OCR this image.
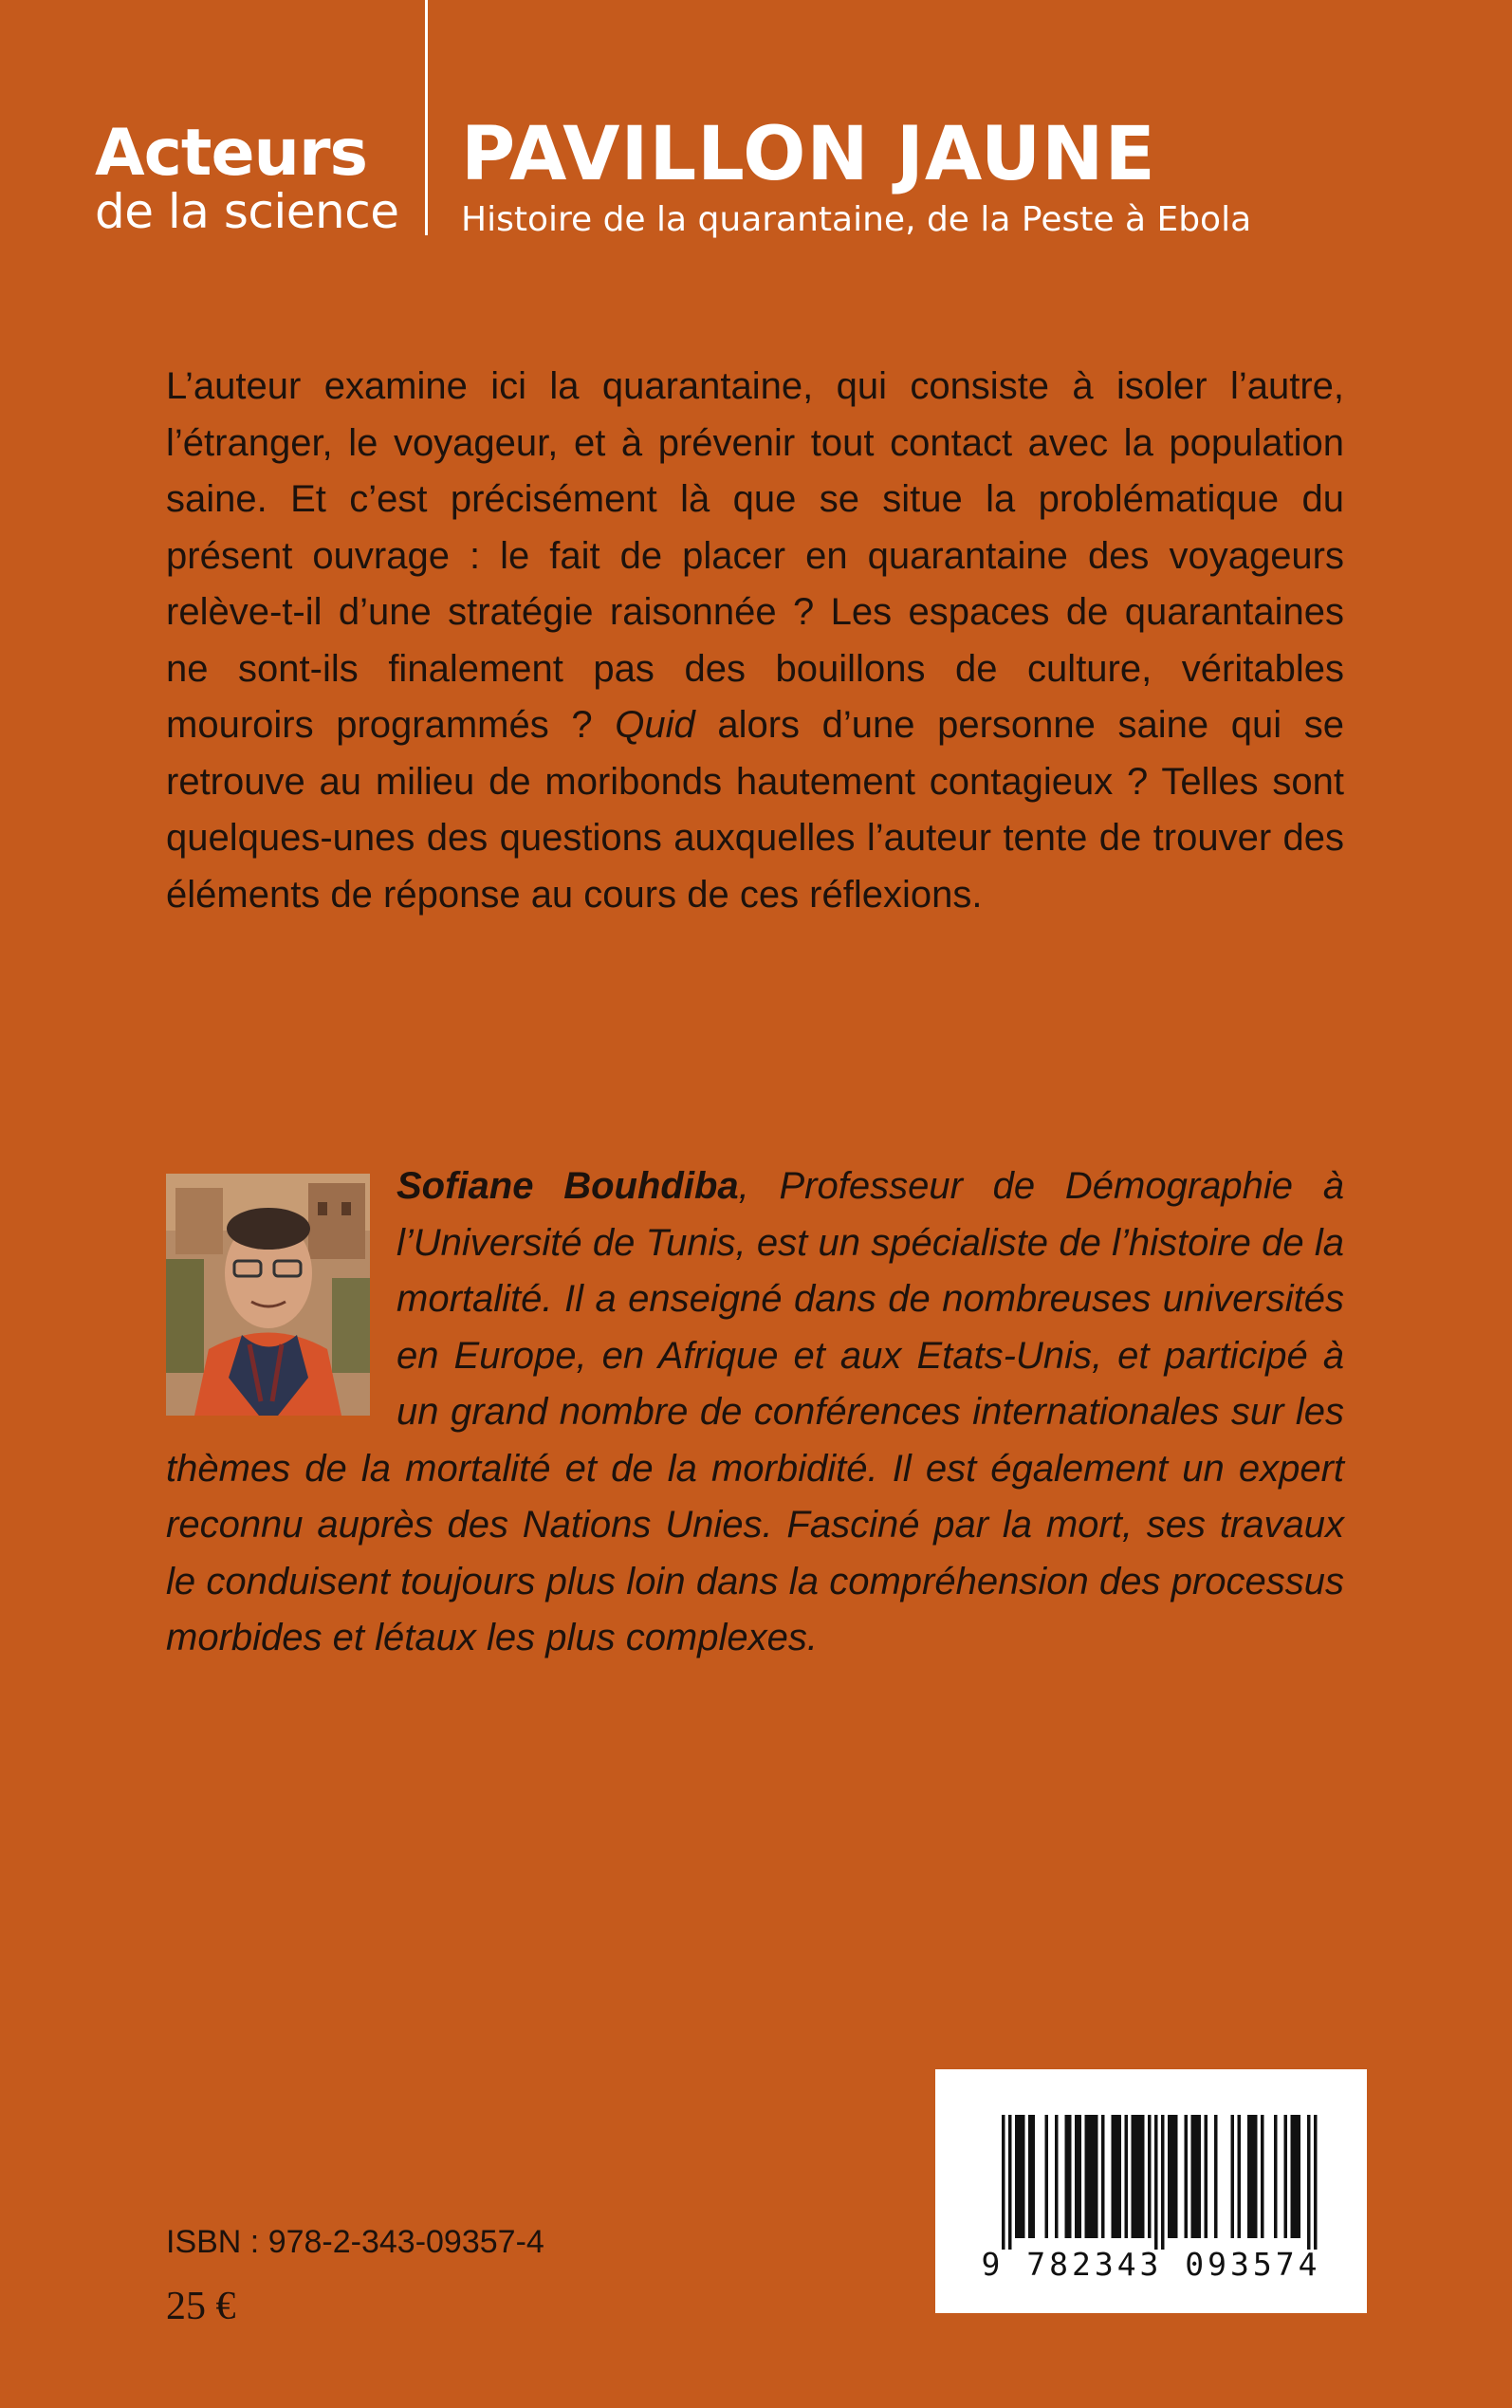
Acteurs
de la science
PAVILLON JAUNE
Histoire de la quarantaine, de la Peste à Ebola

L’auteur examine ici la quarantaine, qui consiste à isoler l’autre, l’étranger, le voyageur, et à prévenir tout contact avec la population saine. Et c’est précisément là que se situe la problématique du présent ouvrage : le fait de placer en quarantaine des voyageurs relève-t-il d’une stratégie raisonnée ? Les espaces de quarantaines ne sont-ils finalement pas des bouillons de culture, véritables mouroirs programmés ? Quid alors d’une personne saine qui se retrouve au milieu de moribonds hautement contagieux ? Telles sont quelques-unes des questions auxquelles l’auteur tente de trouver des éléments de réponse au cours de ces réflexions.

Sofiane Bouhdiba, Professeur de Démographie à l’Université de Tunis, est un spécialiste de l’histoire de la mortalité. Il a enseigné dans de nombreuses universités en Europe, en Afrique et aux Etats-Unis, et participé à un grand nombre de conférences internationales sur les thèmes de la mortalité et de la morbidité. Il est également un expert reconnu auprès des Nations Unies. Fasciné par la mort, ses travaux le conduisent toujours plus loin dans la compréhension des processus morbides et létaux les plus complexes.

ISBN : 978-2-343-09357-4
25 €
9 782343 093574
